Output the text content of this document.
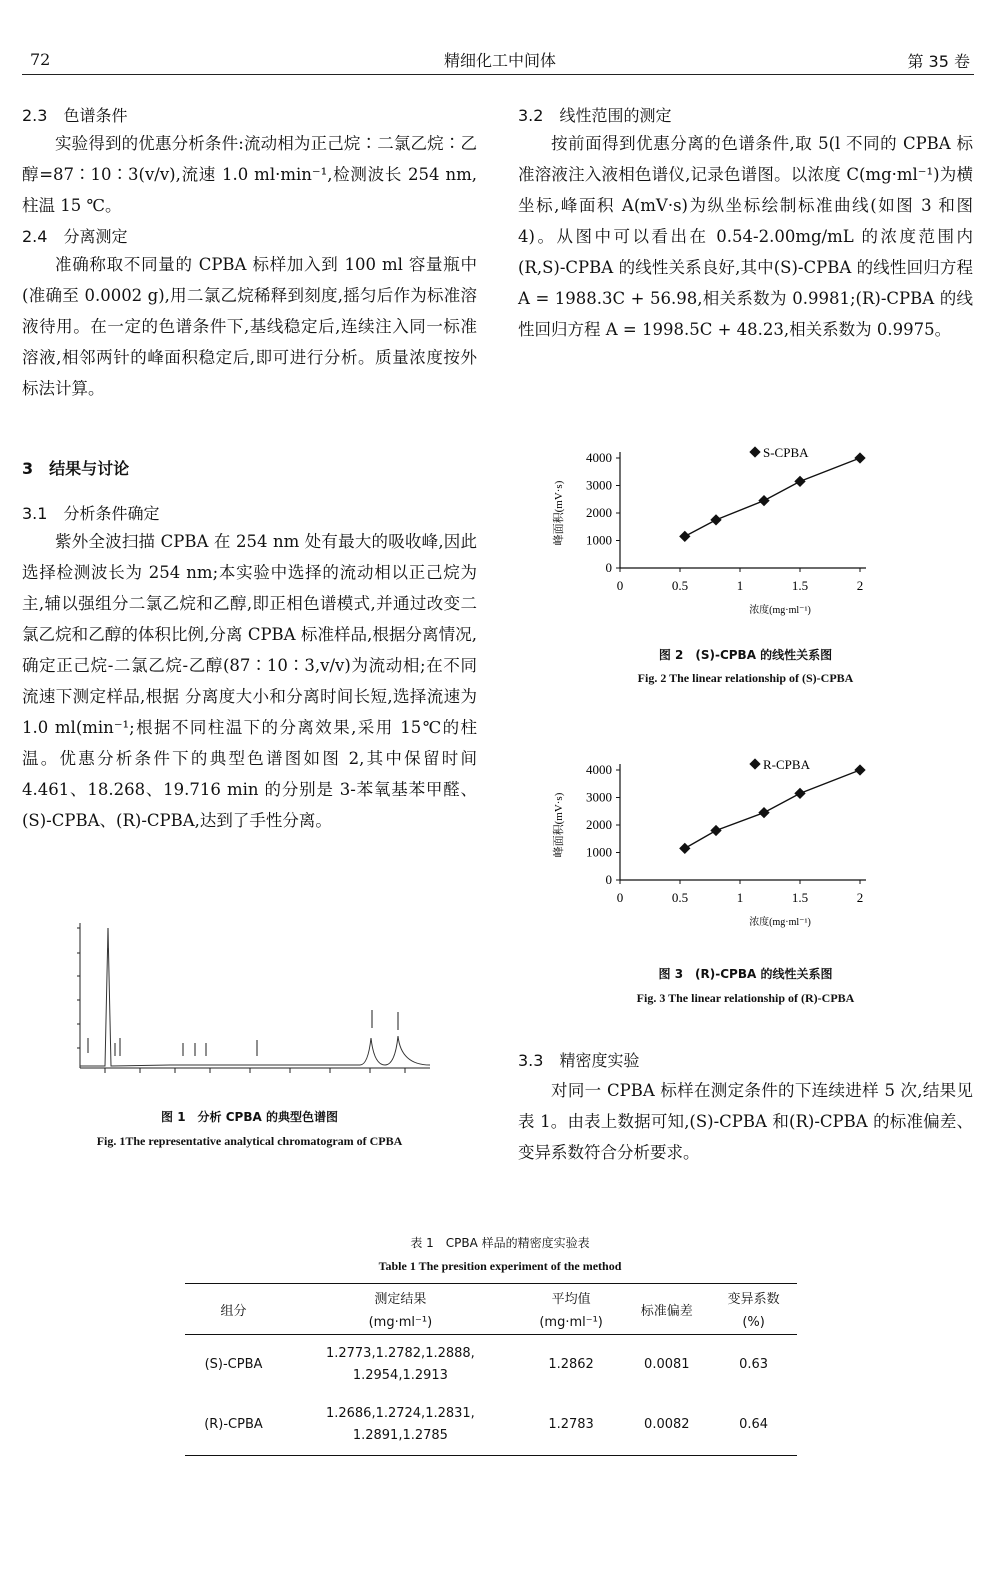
72	精细化工中间体	第 35 卷
2.3　色谱条件

实验得到的优惠分析条件:流动相为正己烷∶二氯乙烷∶乙醇=87∶10∶3(v/v),流速 1.0 ml·min⁻¹,检测波长 254 nm,柱温 15 ℃。

2.4　分离测定

准确称取不同量的 CPBA 标样加入到 100 ml 容量瓶中(准确至 0.0002 g),用二氯乙烷稀释到刻度,摇匀后作为标准溶液待用。在一定的色谱条件下,基线稳定后,连续注入同一标准溶液,相邻两针的峰面积稳定后,即可进行分析。质量浓度按外标法计算。

3　结果与讨论
3.1　分析条件确定

紫外全波扫描 CPBA 在 254 nm 处有最大的吸收峰,因此选择检测波长为 254 nm;本实验中选择的流动相以正己烷为主,辅以强组分二氯乙烷和乙醇,即正相色谱模式,并通过改变二氯乙烷和乙醇的体积比例,分离 CPBA 标准样品,根据分离情况,确定正己烷-二氯乙烷-乙醇(87∶10∶3,v/v)为流动相;在不同流速下测定样品,根据 分离度大小和分离时间长短,选择流速为 1.0 ml(min⁻¹;根据不同柱温下的分离效果,采用 15℃的柱温。优惠分析条件下的典型色谱图如图 2,其中保留时间 4.461、18.268、19.716 min 的分别是 3-苯氧基苯甲醛、(S)-CPBA、(R)-CPBA,达到了手性分离。

图 1　分析 CPBA 的典型色谱图
Fig. 1The representative analytical chromatogram of CPBA
3.2　线性范围的测定

按前面得到优惠分离的色谱条件,取 5(l 不同的 CPBA 标准溶液注入液相色谱仪,记录色谱图。以浓度 C(mg·ml⁻¹)为横坐标,峰面积 A(mV·s)为纵坐标绘制标准曲线(如图 3 和图 4)。从图中可以看出在 0.54-2.00mg/mL 的浓度范围内(R,S)-CPBA 的线性关系良好,其中(S)-CPBA 的线性回归方程 A = 1988.3C + 56.98,相关系数为 0.9981;(R)-CPBA 的线性回归方程 A = 1998.5C + 48.23,相关系数为 0.9975。

0
1000
2000
3000
4000
0	0.5	1	1.5	2
峰面积(mV·s)
浓度(mg·ml⁻¹)
S-CPBA
图 2　(S)-CPBA 的线性关系图
Fig. 2 The linear relationship of (S)-CPBA
0
1000
2000
3000
4000
0	0.5	1	1.5	2
峰面积(mV·s)
浓度(mg·ml⁻¹)
R-CPBA
图 3　(R)-CPBA 的线性关系图
Fig. 3 The linear relationship of (R)-CPBA
3.3　精密度实验

对同一 CPBA 标样在测定条件的下连续进样 5 次,结果见表 1。由表上数据可知,(S)-CPBA 和(R)-CPBA 的标准偏差、变异系数符合分析要求。

表 1　CPBA 样品的精密度实验表
Table 1 The presition experiment of the method
组分	测定结果	平均值	标准偏差	变异系数
	(mg·ml⁻¹)	(mg·ml⁻¹)		(%)
(S)-CPBA	1.2773,1.2782,1.2888,
1.2954,1.2913	1.2862	0.0081	0.63
(R)-CPBA	1.2686,1.2724,1.2831,
1.2891,1.2785	1.2783	0.0082	0.64
